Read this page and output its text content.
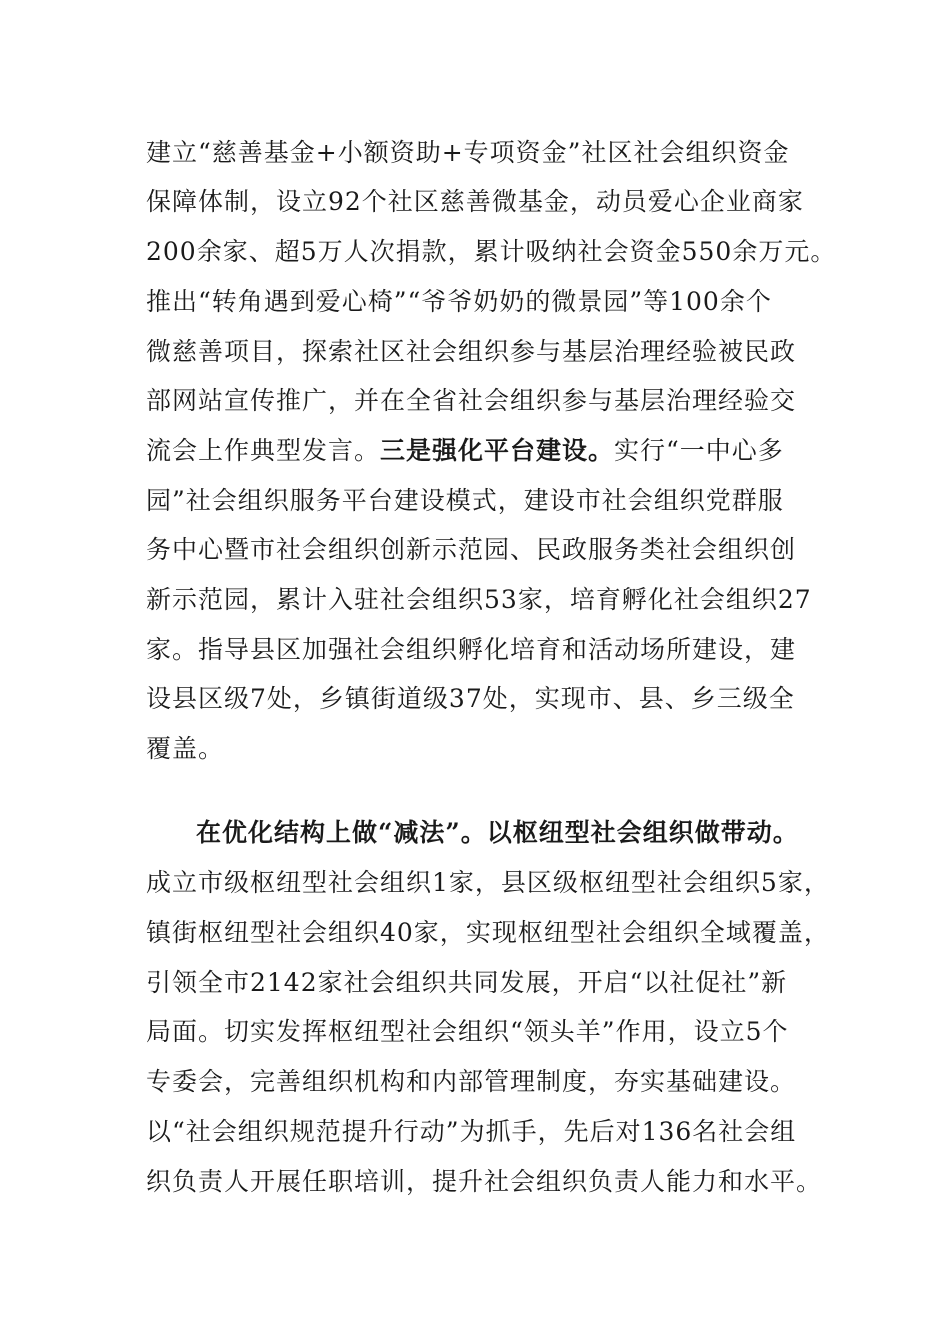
建立“慈善基金+小额资助+专项资金”社区社会组织资金
保障体制，设立92个社区慈善微基金，动员爱心企业商家
200余家、超5万人次捐款，累计吸纳社会资金550余万元。
推出“转角遇到爱心椅”“爷爷奶奶的微景园”等100余个
微慈善项目，探索社区社会组织参与基层治理经验被民政
部网站宣传推广，并在全省社会组织参与基层治理经验交
流会上作典型发言。三是强化平台建设。实行“一中心多
园”社会组织服务平台建设模式，建设市社会组织党群服
务中心暨市社会组织创新示范园、民政服务类社会组织创
新示范园，累计入驻社会组织53家，培育孵化社会组织27
家。指导县区加强社会组织孵化培育和活动场所建设，建
设县区级7处，乡镇街道级37处，实现市、县、乡三级全
覆盖。
在优化结构上做“减法”。以枢纽型社会组织做带动。
成立市级枢纽型社会组织1家，县区级枢纽型社会组织5家，
镇街枢纽型社会组织40家，实现枢纽型社会组织全域覆盖，
引领全市2142家社会组织共同发展，开启“以社促社”新
局面。切实发挥枢纽型社会组织“领头羊”作用，设立5个
专委会，完善组织机构和内部管理制度，夯实基础建设。
以“社会组织规范提升行动”为抓手，先后对136名社会组
织负责人开展任职培训，提升社会组织负责人能力和水平。
